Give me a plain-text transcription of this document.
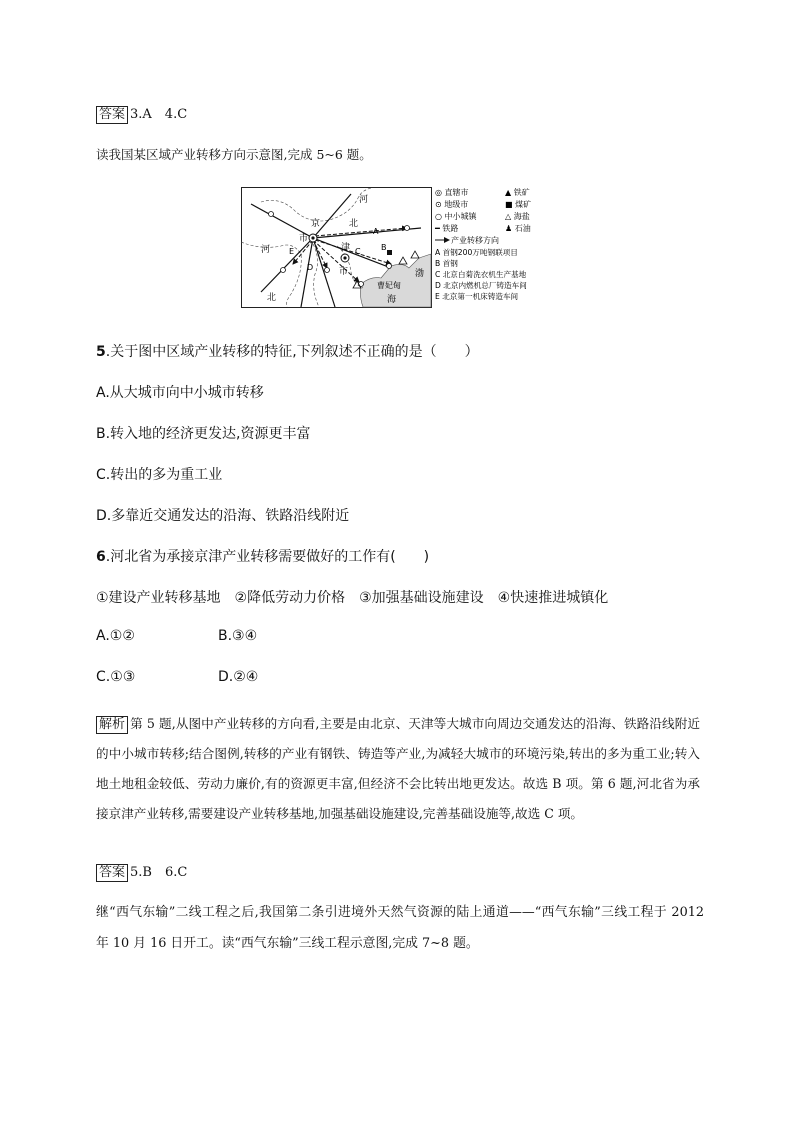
答案 3.A　4.C
读我国某区域产业转移方向示意图,完成 5~6 题。
河
北
河
北
京
市
津
市	渤
海
曹妃甸
A
B
C
D
E
◎ 直辖市	▲ 铁矿
⊙ 地级市	■ 煤矿
○ 中小城镇	△ 海盐
━ 铁路	♟ 石油
产业转移方向
A 首钢200万吨钢联项目
B 首钢
C 北京白菊洗衣机生产基地
D 北京内燃机总厂铸造车间
E 北京第一机床铸造车间
5.关于图中区域产业转移的特征,下列叙述不正确的是（　　）
A.从大城市向中小城市转移
B.转入地的经济更发达,资源更丰富
C.转出的多为重工业
D.多靠近交通发达的沿海、铁路沿线附近
6.河北省为承接京津产业转移需要做好的工作有(　　)
①建设产业转移基地　②降低劳动力价格　③加强基础设施建设　④快速推进城镇化
A.①②	B.③④
C.①③	D.②④

解析 第 5 题,从图中产业转移的方向看,主要是由北京、天津等大城市向周边交通发达的沿海、铁路沿线附近的中小城市转移;结合图例,转移的产业有钢铁、铸造等产业,为减轻大城市的环境污染,转出的多为重工业;转入地土地租金较低、劳动力廉价,有的资源更丰富,但经济不会比转出地更发达。故选 B 项。第 6 题,河北省为承接京津产业转移,需要建设产业转移基地,加强基础设施建设,完善基础设施等,故选 C 项。

答案 5.B　6.C

继“西气东输”二线工程之后,我国第二条引进境外天然气资源的陆上通道——“西气东输”三线工程于 2012 年 10 月 16 日开工。读“西气东输”三线工程示意图,完成 7~8 题。
